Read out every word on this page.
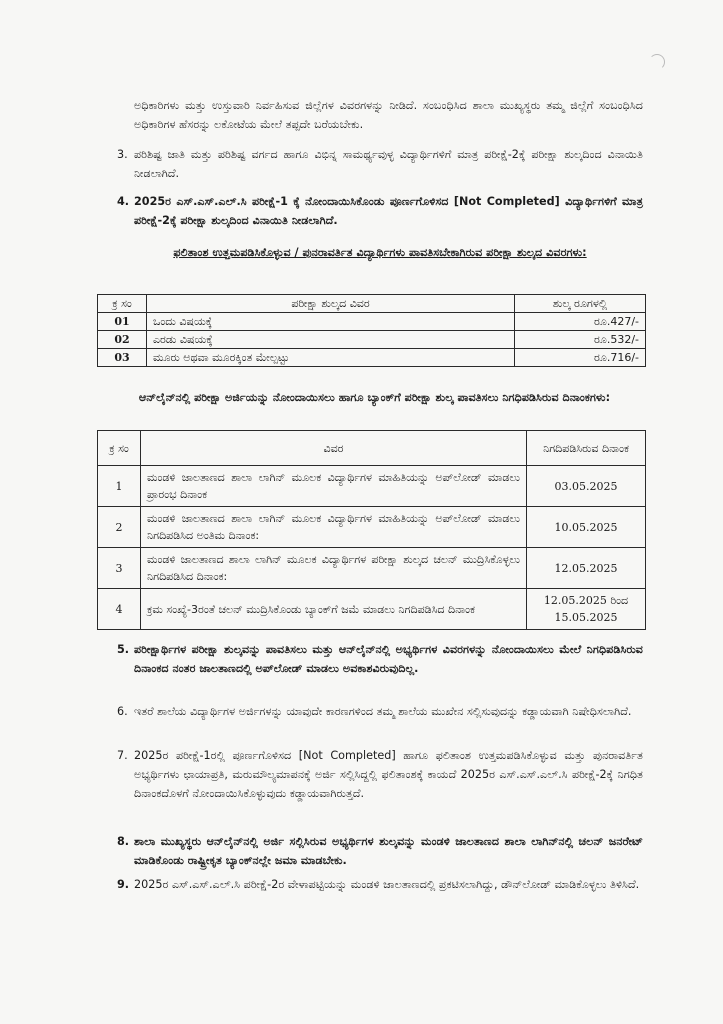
ಅಧಿಕಾರಿಗಳು ಮತ್ತು ಉಸ್ತುವಾರಿ ನಿರ್ವಹಿಸುವ ಜಿಲ್ಲೆಗಳ ವಿವರಗಳನ್ನು ನೀಡಿದೆ. ಸಂಬಂಧಿಸಿದ ಶಾಲಾ ಮುಖ್ಯಸ್ಥರು ತಮ್ಮ ಜಿಲ್ಲೆಗೆ ಸಂಬಂಧಿಸಿದ ಅಧಿಕಾರಿಗಳ ಹೆಸರನ್ನು ಲಕೋಟೆಯ ಮೇಲೆ ತಪ್ಪದೇ ಬರೆಯಬೇಕು.
3. ಪರಿಶಿಷ್ಟ ಜಾತಿ ಮತ್ತು ಪರಿಶಿಷ್ಟ ವರ್ಗದ ಹಾಗೂ ವಿಭಿನ್ನ ಸಾಮರ್ಥ್ಯವುಳ್ಳ ವಿದ್ಯಾರ್ಥಿಗಳಿಗೆ ಮಾತ್ರ ಪರೀಕ್ಷೆ-2ಕ್ಕೆ ಪರೀಕ್ಷಾ ಶುಲ್ಕದಿಂದ ವಿನಾಯಿತಿ ನೀಡಲಾಗಿದೆ.
4. 2025ರ ಎಸ್.ಎಸ್.ಎಲ್.ಸಿ ಪರೀಕ್ಷೆ-1 ಕ್ಕೆ ನೋಂದಾಯಿಸಿಕೊಂಡು ಪೂರ್ಣಗೊಳಿಸದ [Not Completed] ವಿದ್ಯಾರ್ಥಿಗಳಿಗೆ ಮಾತ್ರ ಪರೀಕ್ಷೆ-2ಕ್ಕೆ ಪರೀಕ್ಷಾ ಶುಲ್ಕದಿಂದ ವಿನಾಯಿತಿ ನೀಡಲಾಗಿದೆ.
ಫಲಿತಾಂಶ ಉತ್ತಮಪಡಿಸಿಕೊಳ್ಳುವ / ಪುನರಾವರ್ತಿತ ವಿದ್ಯಾರ್ಥಿಗಳು ಪಾವತಿಸಬೇಕಾಗಿರುವ ಪರೀಕ್ಷಾ ಶುಲ್ಕದ ವಿವರಗಳು:
ಕ್ರ ಸಂ	ಪರೀಕ್ಷಾ ಶುಲ್ಕದ ವಿವರ	ಶುಲ್ಕ ರೂಗಳಲ್ಲಿ
01	ಒಂದು ವಿಷಯಕ್ಕೆ	ರೂ.427/-
02	ಎರಡು ವಿಷಯಕ್ಕೆ	ರೂ.532/-
03	ಮೂರು ಅಥವಾ ಮೂರಕ್ಕಿಂತ ಮೇಲ್ಪಟ್ಟು	ರೂ.716/-
ಆನ್‌ಲೈನ್‌ನಲ್ಲಿ ಪರೀಕ್ಷಾ ಅರ್ಜಿಯನ್ನು ನೋಂದಾಯಿಸಲು ಹಾಗೂ ಬ್ಯಾಂಕ್‌ಗೆ ಪರೀಕ್ಷಾ ಶುಲ್ಕ ಪಾವತಿಸಲು ನಿಗಧಿಪಡಿಸಿರುವ ದಿನಾಂಕಗಳು:
ಕ್ರ ಸಂ	ವಿವರ	ನಿಗದಿಪಡಿಸಿರುವ ದಿನಾಂಕ
1	ಮಂಡಳಿ ಜಾಲತಾಣದ ಶಾಲಾ ಲಾಗಿನ್ ಮೂಲಕ ವಿದ್ಯಾರ್ಥಿಗಳ ಮಾಹಿತಿಯನ್ನು ಅಪ್‌ಲೋಡ್ ಮಾಡಲು ಪ್ರಾರಂಭ ದಿನಾಂಕ	03.05.2025
2	ಮಂಡಳಿ ಜಾಲತಾಣದ ಶಾಲಾ ಲಾಗಿನ್ ಮೂಲಕ ವಿದ್ಯಾರ್ಥಿಗಳ ಮಾಹಿತಿಯನ್ನು ಅಪ್‌ಲೋಡ್ ಮಾಡಲು ನಿಗದಿಪಡಿಸಿದ ಅಂತಿಮ ದಿನಾಂಕ:	10.05.2025
3	ಮಂಡಳಿ ಜಾಲತಾಣದ ಶಾಲಾ ಲಾಗಿನ್ ಮೂಲಕ ವಿದ್ಯಾರ್ಥಿಗಳ ಪರೀಕ್ಷಾ ಶುಲ್ಕದ ಚಲನ್ ಮುದ್ರಿಸಿಕೊಳ್ಳಲು ನಿಗದಿಪಡಿಸಿದ ದಿನಾಂಕ:	12.05.2025
4	ಕ್ರಮ ಸಂಖ್ಯೆ-3ರಂತೆ ಚಲನ್ ಮುದ್ರಿಸಿಕೊಂಡು ಬ್ಯಾಂಕ್‌ಗೆ ಜಮೆ ಮಾಡಲು ನಿಗದಿಪಡಿಸಿದ ದಿನಾಂಕ	12.05.2025 ರಿಂದ 15.05.2025
5. ಪರೀಕ್ಷಾರ್ಥಿಗಳ ಪರೀಕ್ಷಾ ಶುಲ್ಕವನ್ನು ಪಾವತಿಸಲು ಮತ್ತು ಆನ್‌ಲೈನ್‌ನಲ್ಲಿ ಅಭ್ಯರ್ಥಿಗಳ ವಿವರಗಳನ್ನು ನೋಂದಾಯಿಸಲು ಮೇಲೆ ನಿಗಧಿಪಡಿಸಿರುವ ದಿನಾಂಕದ ನಂತರ ಜಾಲತಾಣದಲ್ಲಿ ಅಪ್‌ಲೋಡ್ ಮಾಡಲು ಅವಕಾಶವಿರುವುದಿಲ್ಲ.
6. ಇತರೆ ಶಾಲೆಯ ವಿದ್ಯಾರ್ಥಿಗಳ ಅರ್ಜಿಗಳನ್ನು ಯಾವುದೇ ಕಾರಣಗಳಿಂದ ತಮ್ಮ ಶಾಲೆಯ ಮುಖೇನ ಸಲ್ಲಿಸುವುದನ್ನು ಕಡ್ಡಾಯವಾಗಿ ನಿಷೇಧಿಸಲಾಗಿದೆ.
7. 2025ರ ಪರೀಕ್ಷೆ-1ರಲ್ಲಿ ಪೂರ್ಣಗೊಳಿಸದ [Not Completed] ಹಾಗೂ ಫಲಿತಾಂಶ ಉತ್ತಮಪಡಿಸಿಕೊಳ್ಳುವ ಮತ್ತು ಪುನರಾವರ್ತಿತ ಅಭ್ಯರ್ಥಿಗಳು ಛಾಯಾಪ್ರತಿ, ಮರುಮೌಲ್ಯಮಾಪನಕ್ಕೆ ಅರ್ಜಿ ಸಲ್ಲಿಸಿದ್ದಲ್ಲಿ ಫಲಿತಾಂಶಕ್ಕೆ ಕಾಯದೆ 2025ರ ಎಸ್.ಎಸ್.ಎಲ್.ಸಿ ಪರೀಕ್ಷೆ-2ಕ್ಕೆ ನಿಗಧಿತ ದಿನಾಂಕದೊಳಗೆ ನೋಂದಾಯಿಸಿಕೊಳ್ಳುವುದು ಕಡ್ಡಾಯವಾಗಿರುತ್ತದೆ.
8. ಶಾಲಾ ಮುಖ್ಯಸ್ಥರು ಆನ್‌ಲೈನ್‌ನಲ್ಲಿ ಅರ್ಜಿ ಸಲ್ಲಿಸಿರುವ ಅಭ್ಯರ್ಥಿಗಳ ಶುಲ್ಕವನ್ನು ಮಂಡಳಿ ಜಾಲತಾಣದ ಶಾಲಾ ಲಾಗಿನ್‌ನಲ್ಲಿ ಚಲನ್ ಜನರೇಟ್ ಮಾಡಿಕೊಂಡು ರಾಷ್ಟ್ರೀಕೃತ ಬ್ಯಾಂಕ್‌ನಲ್ಲೇ ಜಮಾ ಮಾಡಬೇಕು.
9. 2025ರ ಎಸ್.ಎಸ್.ಎಲ್.ಸಿ ಪರೀಕ್ಷೆ-2ರ ವೇಳಾಪಟ್ಟಿಯನ್ನು ಮಂಡಳಿ ಜಾಲತಾಣದಲ್ಲಿ ಪ್ರಕಟಿಸಲಾಗಿದ್ದು, ಡೌನ್‌ಲೋಡ್ ಮಾಡಿಕೊಳ್ಳಲು ತಿಳಿಸಿದೆ.
